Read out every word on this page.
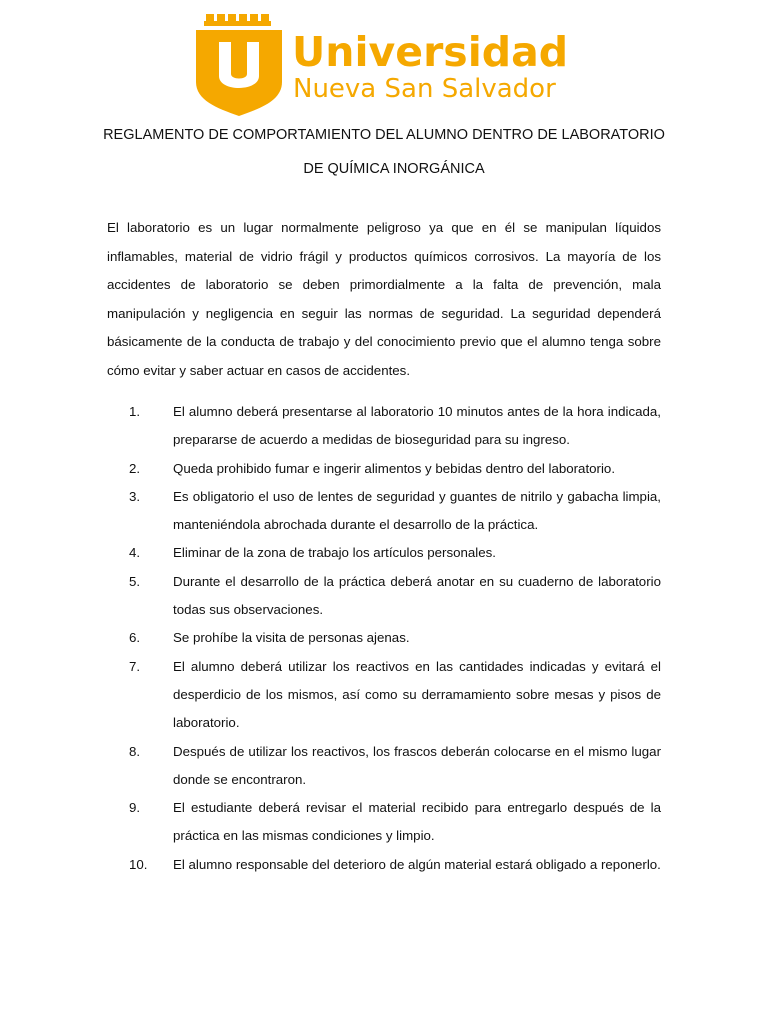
Universidad
Nueva San Salvador
REGLAMENTO DE COMPORTAMIENTO DEL ALUMNO DENTRO DE LABORATORIO
DE QUÍMICA INORGÁNICA

El laboratorio es un lugar normalmente peligroso ya que en él se manipulan líquidos inflamables, material de vidrio frágil y productos químicos corrosivos. La mayoría de los accidentes de laboratorio se deben primordialmente a la falta de prevención, mala manipulación y negligencia en seguir las normas de seguridad. La seguridad dependerá básicamente de la conducta de trabajo y del conocimiento previo que el alumno tenga sobre cómo evitar y saber actuar en casos de accidentes.

1.	El alumno deberá presentarse al laboratorio 10 minutos antes de la hora indicada, prepararse de acuerdo a medidas de bioseguridad para su ingreso.
2.	Queda prohibido fumar e ingerir alimentos y bebidas dentro del laboratorio.
3.	Es obligatorio el uso de lentes de seguridad y guantes de nitrilo y gabacha limpia, manteniéndola abrochada durante el desarrollo de la práctica.
4.	Eliminar de la zona de trabajo los artículos personales.
5.	Durante el desarrollo de la práctica deberá anotar en su cuaderno de laboratorio todas sus observaciones.
6.	Se prohíbe la visita de personas ajenas.
7.	El alumno deberá utilizar los reactivos en las cantidades indicadas y evitará el desperdicio de los mismos, así como su derramamiento sobre mesas y pisos de laboratorio.
8.	Después de utilizar los reactivos, los frascos deberán colocarse en el mismo lugar donde se encontraron.
9.	El estudiante deberá revisar el material recibido para entregarlo después de la práctica en las mismas condiciones y limpio.
10.	El alumno responsable del deterioro de algún material estará obligado a reponerlo.
